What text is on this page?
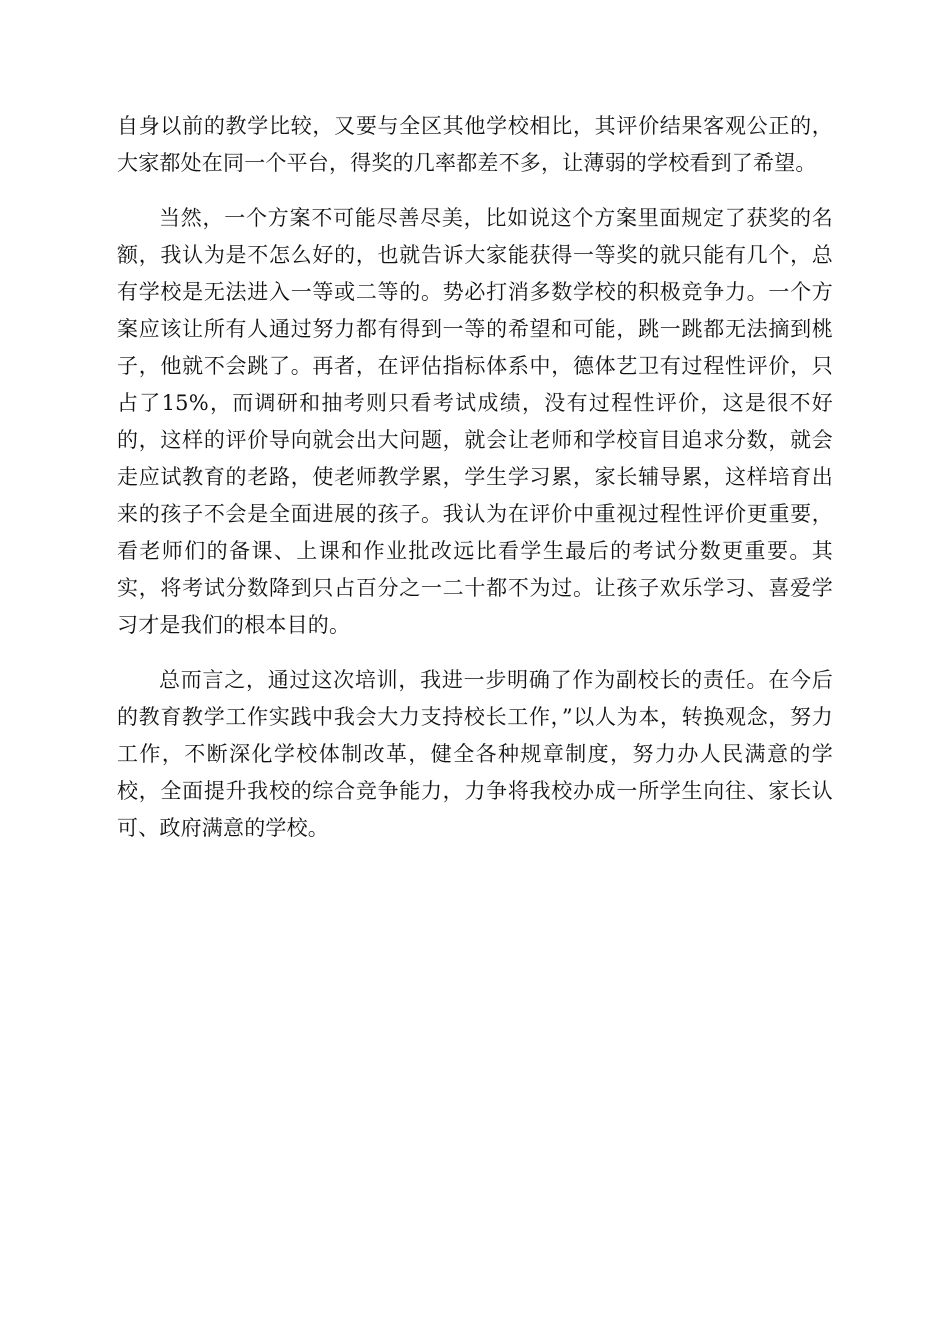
自身以前的教学比较，又要与全区其他学校相比，其评价结果客观公正的，大家都处在同一个平台，得奖的几率都差不多，让薄弱的学校看到了希望。

当然，一个方案不可能尽善尽美，比如说这个方案里面规定了获奖的名额，我认为是不怎么好的，也就告诉大家能获得一等奖的就只能有几个，总有学校是无法进入一等或二等的。势必打消多数学校的积极竞争力。一个方案应该让所有人通过努力都有得到一等的希望和可能，跳一跳都无法摘到桃子，他就不会跳了。再者，在评估指标体系中，德体艺卫有过程性评价，只占了15%，而调研和抽考则只看考试成绩，没有过程性评价，这是很不好的，这样的评价导向就会出大问题，就会让老师和学校盲目追求分数，就会走应试教育的老路，使老师教学累，学生学习累，家长辅导累，这样培育出来的孩子不会是全面进展的孩子。我认为在评价中重视过程性评价更重要，看老师们的备课、上课和作业批改远比看学生最后的考试分数更重要。其实，将考试分数降到只占百分之一二十都不为过。让孩子欢乐学习、喜爱学习才是我们的根本目的。

总而言之，通过这次培训，我进一步明确了作为副校长的责任。在今后的教育教学工作实践中我会大力支持校长工作，”以人为本，转换观念，努力工作，不断深化学校体制改革，健全各种规章制度，努力办人民满意的学校，全面提升我校的综合竞争能力，力争将我校办成一所学生向往、家长认可、政府满意的学校。
